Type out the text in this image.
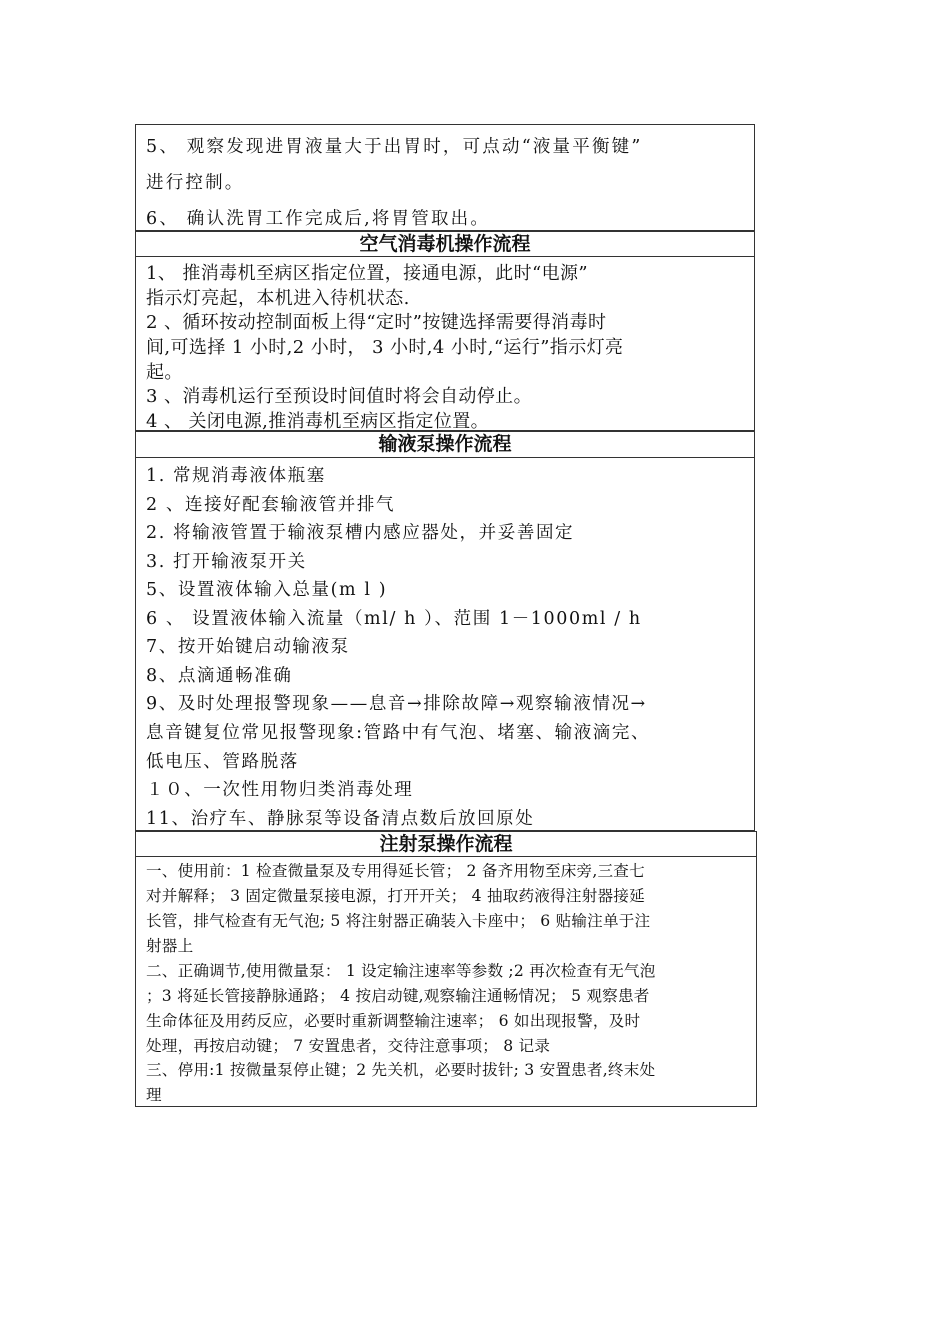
5、 观察发现进胃液量大于出胃时，可点动“液量平衡键”
进行控制。
6、 确认洗胃工作完成后,将胃管取出。
空气消毒机操作流程
1、 推消毒机至病区指定位置，接通电源，此时“电源”
指示灯亮起，本机进入待机状态.
2 、循环按动控制面板上得“定时”按键选择需要得消毒时
间,可选择 1 小时,2 小时， 3 小时,4 小时,“运行”指示灯亮
起。
3 、消毒机运行至预设时间值时将会自动停止。
4 、 关闭电源,推消毒机至病区指定位置。
输液泵操作流程
1. 常规消毒液体瓶塞
2 、连接好配套输液管并排气
2. 将输液管置于输液泵槽内感应器处，并妥善固定
3. 打开输液泵开关
5、设置液体输入总量(m l )
6 、 设置液体输入流量（ml/ h ）、范围 1－1000ml / h
7、按开始键启动输液泵
8、点滴通畅准确
9、及时处理报警现象——息音→排除故障→观察输液情况→
息音键复位常见报警现象:管路中有气泡、堵塞、输液滴完、
低电压、管路脱落
１０、一次性用物归类消毒处理
11、治疗车、静脉泵等设备清点数后放回原处
注射泵操作流程
一、使用前：1 检查微量泵及专用得延长管； 2 备齐用物至床旁,三查七
对并解释； 3 固定微量泵接电源，打开开关； 4 抽取药液得注射器接延
长管，排气检查有无气泡; 5 将注射器正确装入卡座中； 6 贴输注单于注
射器上
二、正确调节,使用微量泵： 1 设定输注速率等参数 ;2 再次检查有无气泡
；3 将延长管接静脉通路； 4 按启动键,观察输注通畅情况； 5 观察患者
生命体征及用药反应，必要时重新调整输注速率； 6 如出现报警，及时
处理，再按启动键； 7 安置患者，交待注意事项； 8 记录
三、停用:1 按微量泵停止键；2 先关机，必要时拔针; 3 安置患者,终末处
理
